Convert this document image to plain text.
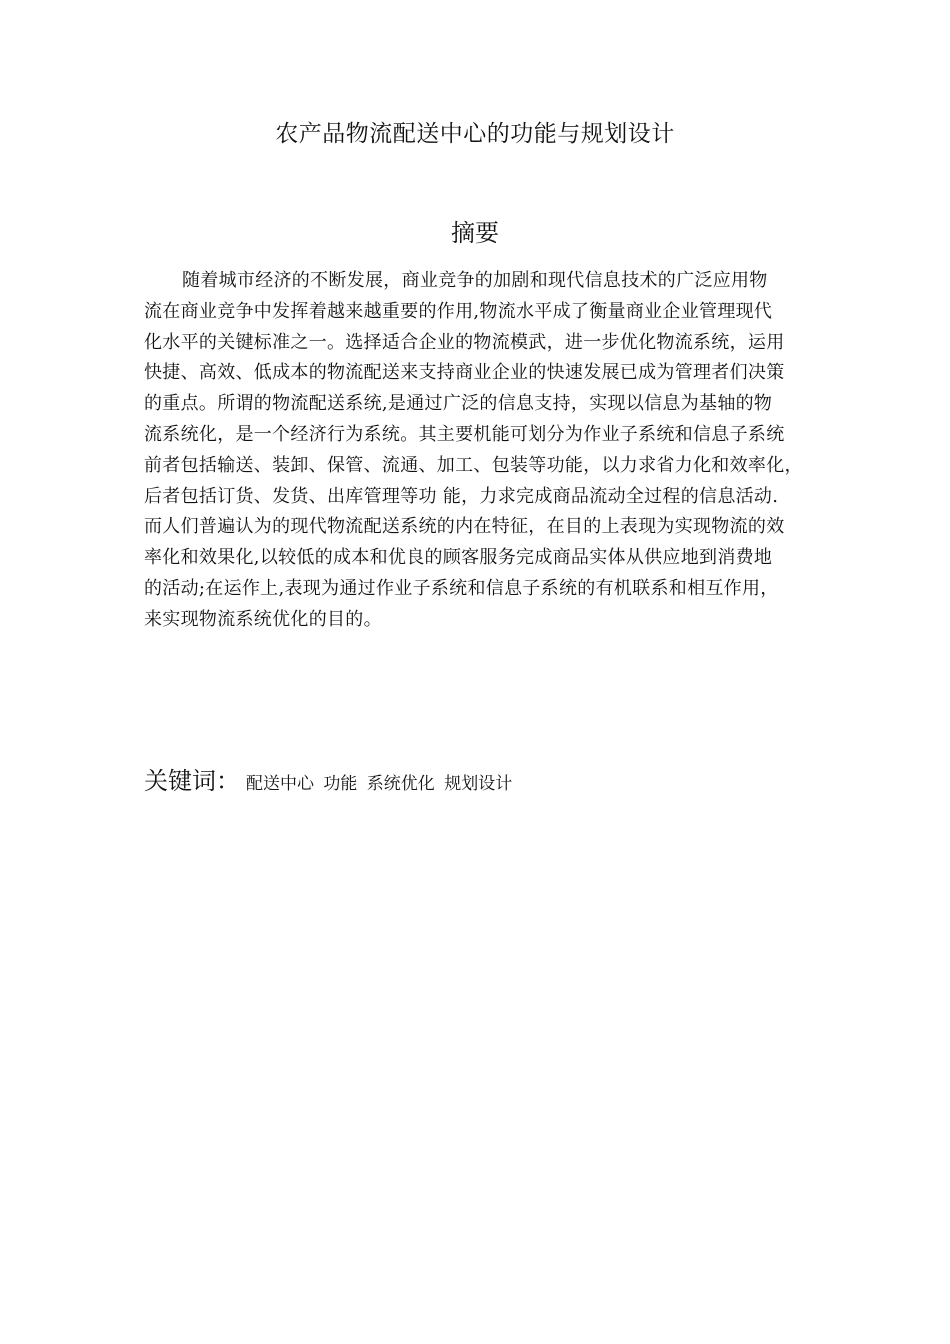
农产品物流配送中心的功能与规划设计
摘要
随着城市经济的不断发展，商业竞争的加剧和现代信息技术的广泛应用物
流在商业竞争中发挥着越来越重要的作用,物流水平成了衡量商业企业管理现代
化水平的关键标准之一。选择适合企业的物流模武，进一步优化物流系统，运用
快捷、高效、低成本的物流配送来支持商业企业的快速发展已成为管理者们决策
的重点。所谓的物流配送系统,是通过广泛的信息支持，实现以信息为基轴的物
流系统化，是一个经济行为系统。其主要机能可划分为作业子系统和信息子系统
前者包括输送、装卸、保管、流通、加工、包装等功能，以力求省力化和效率化，
后者包括订货、发货、出库管理等功 能，力求完成商品流动全过程的信息活动.
而人们普遍认为的现代物流配送系统的内在特征，在目的上表现为实现物流的效
率化和效果化,以较低的成本和优良的顾客服务完成商品实体从供应地到消费地
的活动;在运作上,表现为通过作业子系统和信息子系统的有机联系和相互作用，
来实现物流系统优化的目的。
关键词： 配送中心 功能 系统优化 规划设计
